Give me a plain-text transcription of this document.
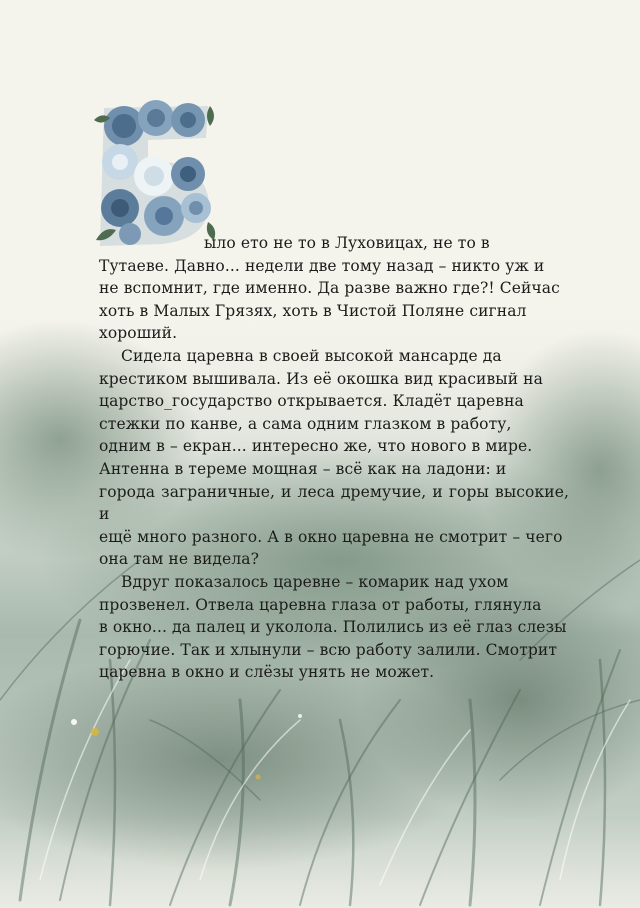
ыло ето не то в Луховицах, не то в
Тутаеве. Давно... недели две тому назад – никто уж и
не вспомнит, где именно. Да разве важно где?! Сейчас
хоть в Малых Грязях, хоть в Чистой Поляне сигнал
хороший.

Сидела царевна в своей высокой мансарде да
крестиком вышивала. Из её окошка вид красивый на
царство_государство открывается. Кладёт царевна
стежки по канве, а сама одним глазком в работу,
одним в – екран... интересно же, что нового в мире.
Антенна в тереме мощная – всё как на ладони: и
города заграничные, и леса дремучие, и горы высокие, и
ещё много разного. А в окно царевна не смотрит – чего
она там не видела?

Вдруг показалось царевне – комарик над ухом
прозвенел. Отвела царевна глаза от работы, глянула
в окно... да палец и уколола. Полились из её глаз слезы
горючие. Так и хлынули – всю работу залили. Смотрит
царевна в окно и слёзы унять не может.
